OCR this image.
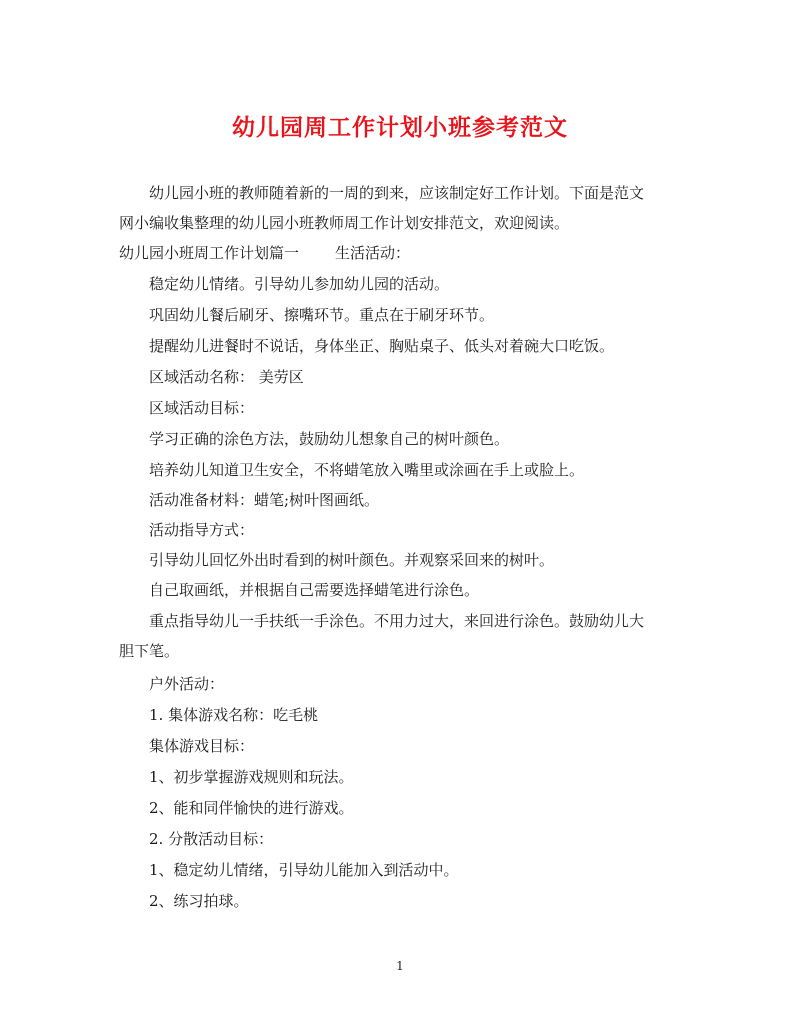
幼儿园周工作计划小班参考范文
幼儿园小班的教师随着新的一周的到来，应该制定好工作计划。下面是范文
网小编收集整理的幼儿园小班教师周工作计划安排范文，欢迎阅读。
幼儿园小班周工作计划篇一 生活活动：
稳定幼儿情绪。引导幼儿参加幼儿园的活动。
巩固幼儿餐后刷牙、擦嘴环节。重点在于刷牙环节。
提醒幼儿进餐时不说话，身体坐正、胸贴桌子、低头对着碗大口吃饭。
区域活动名称： 美劳区
区域活动目标：
学习正确的涂色方法，鼓励幼儿想象自己的树叶颜色。
培养幼儿知道卫生安全，不将蜡笔放入嘴里或涂画在手上或脸上。
活动准备材料：蜡笔;树叶图画纸。
活动指导方式：
引导幼儿回忆外出时看到的树叶颜色。并观察采回来的树叶。
自己取画纸，并根据自己需要选择蜡笔进行涂色。
重点指导幼儿一手扶纸一手涂色。不用力过大，来回进行涂色。鼓励幼儿大
胆下笔。
户外活动：
1. 集体游戏名称：吃毛桃
集体游戏目标：
1、初步掌握游戏规则和玩法。
2、能和同伴愉快的进行游戏。
2. 分散活动目标：
1、稳定幼儿情绪，引导幼儿能加入到活动中。
2、练习拍球。
1
